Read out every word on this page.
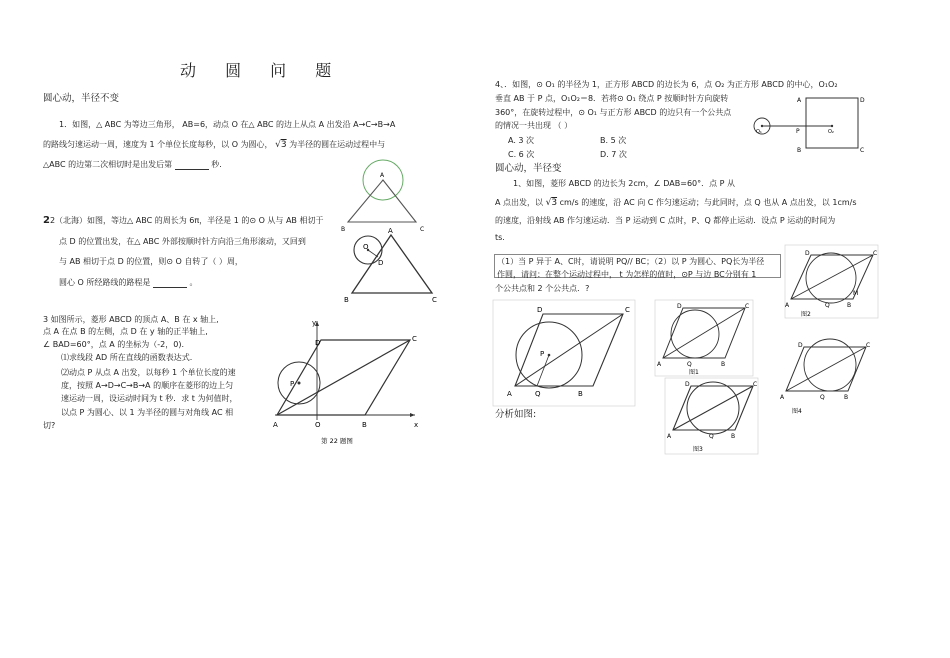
动 圆 问 题
圆心动，半径不变
1．如图，△ ABC 为等边三角形， AB=6，动点 O 在△ ABC 的边上从点 A 出发沿 A→C→B→A
的路线匀速运动一周，速度为 1 个单位长度每秒，以 O 为圆心， √3 为半径的圆在运动过程中与
△ABC 的边第二次相切时是出发后第	秒.
A
B	C
22（北海）如图，等边△ ABC 的周长为 6π，半径是 1 的⊙ O 从与 AB 相切于
点 D 的位置出发，在△ ABC 外部按顺时针方向沿三角形滚动，又回到
与 AB 相切于点 D 的位置，则⊙ O 自转了（ ）周，
圆心 O 所经路线的路程是	。
A
O
D
B	C
3 如图所示，菱形 ABCD 的顶点 A、B 在 x 轴上,
点 A 在点 B 的左侧，点 D 在 y 轴的正半轴上,
∠ BAD=60°，点 A 的坐标为（-2，0).
⑴求线段 AD 所在直线的函数表达式.
⑵动点 P 从点 A 出发，以每秒 1 个单位长度的速
度，按照 A→D→C→B→A 的顺序在菱形的边上匀
速运动一周，设运动时间为 t 秒．求 t 为何值时，
以点 P 为圆心、以 1 为半径的圆与对角线 AC 相
切?
y
D	C
P
A	O	B	x
第 22 题图
4、．如图，⊙ O₁ 的半径为 1，正方形 ABCD 的边长为 6，点 O₂ 为正方形 ABCD 的中心，O₁O₂
垂直 AB 于 P 点，O₁O₂＝8．若将⊙ O₁ 绕点 P 按顺时针方向旋转
360°，在旋转过程中，⊙ O₁ 与正方形 ABCD 的边只有一个公共点
的情况一共出现 （ ）
A. 3 次	B. 5 次
C. 6 次	D. 7 次
A	D
O₁	P	O₂
B	C
圆心动，半径变
1、如图，菱形 ABCD 的边长为 2cm，∠ DAB=60°．点 P 从
A 点出发，以 √3 cm/s 的速度，沿 AC 向 C 作匀速运动；与此同时，点 Q 也从 A 点出发，以 1cm/s
的速度，沿射线 AB 作匀速运动．当 P 运动到 C 点时，P、Q 都停止运动．设点 P 运动的时间为
ts.
（1）当 P 异于 A、C时，请说明 PQ// BC；（2）以 P 为圆心、PQ长为半径
作圆，请问：在整个运动过程中， t 为怎样的值时，⊙P 与边 BC分别有 1
个公共点和 2 个公共点．?
D	C
P
A	Q	B
分析如图:
D	C
A	Q	B
图1
D	C
A	Q	B
M
图2
D	C
A	Q	B
图3
D	C
A	Q	B
图4
